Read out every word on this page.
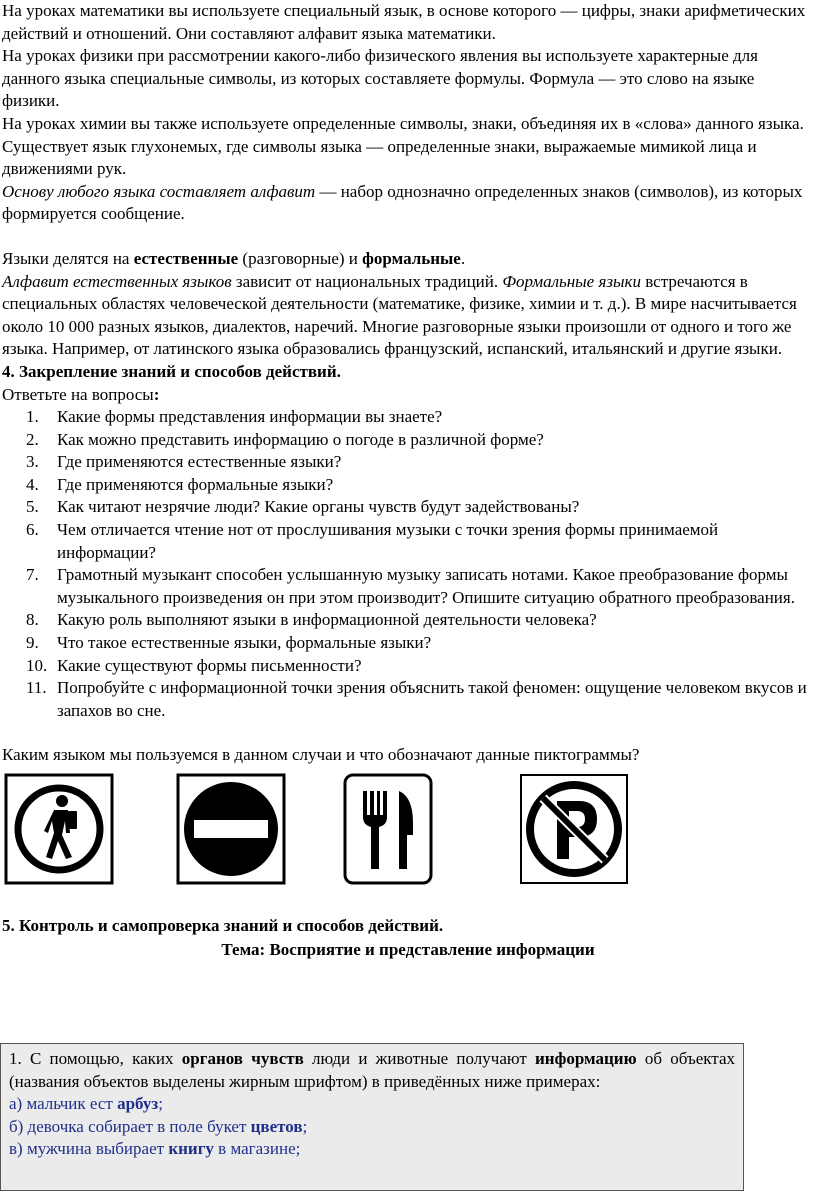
На уроках математики вы используете специальный язык, в основе которого — цифры, знаки арифметических действий и отношений. Они составляют алфавит языка математики.

На уроках физики при рассмотрении какого-либо физического явления вы используете характерные для данного языка специальные символы, из которых составляете формулы. Формула — это слово на языке физики.

На уроках химии вы также используете определенные символы, знаки, объединяя их в «слова» данного языка.

Существует язык глухонемых, где символы языка — определенные знаки, выражаемые мимикой лица и движениями рук.

Основу любого языка составляет алфавит — набор однозначно определенных знаков (символов), из которых формируется сообщение.

Языки делятся на естественные (разговорные) и формальные.

Алфавит естественных языков зависит от национальных традиций. Формальные языки встречаются в специальных областях человеческой деятельности (математике, физике, химии и т. д.). В мире насчитывается около 10 000 разных языков, диалектов, наречий. Многие разговорные языки произошли от одного и того же языка. Например, от латинского языка образовались французский, испанский, итальянский и другие языки.

4. Закрепление знаний и способов действий.

Ответьте на вопросы:

1.	Какие формы представления информации вы знаете?
2.	Как можно представить информацию о погоде в различной форме?
3.	Где применяются естественные языки?
4.	Где применяются формальные языки?
5.	Как читают незрячие люди? Какие органы чувств будут задействованы?
6.	Чем отличается чтение нот от прослушивания музыки с точки зрения формы принимаемой информации?
7.	Грамотный музыкант способен услышанную музыку записать нотами. Какое преобразование формы музыкального произведения он при этом производит? Опишите ситуацию обратного преобразования.
8.	Какую роль выполняют языки в информационной деятельности человека?
9.	Что такое естественные языки, формальные языки?
10. Какие существуют формы письменности?
11. Попробуйте с информационной точки зрения объяснить такой феномен: ощущение человеком вкусов и запахов во сне.

Каким языком мы пользуемся в данном случаи и что обозначают данные пиктограммы?

5. Контроль и самопроверка знаний и способов действий.

Тема: Восприятие и представление информации

1. С помощью, каких органов чувств люди и животные получают информацию об объектах (названия объектов выделены жирным шрифтом) в приведённых ниже примерах:

а) мальчик ест арбуз;

б) девочка собирает в поле букет цветов;

в) мужчина выбирает книгу в магазине;
